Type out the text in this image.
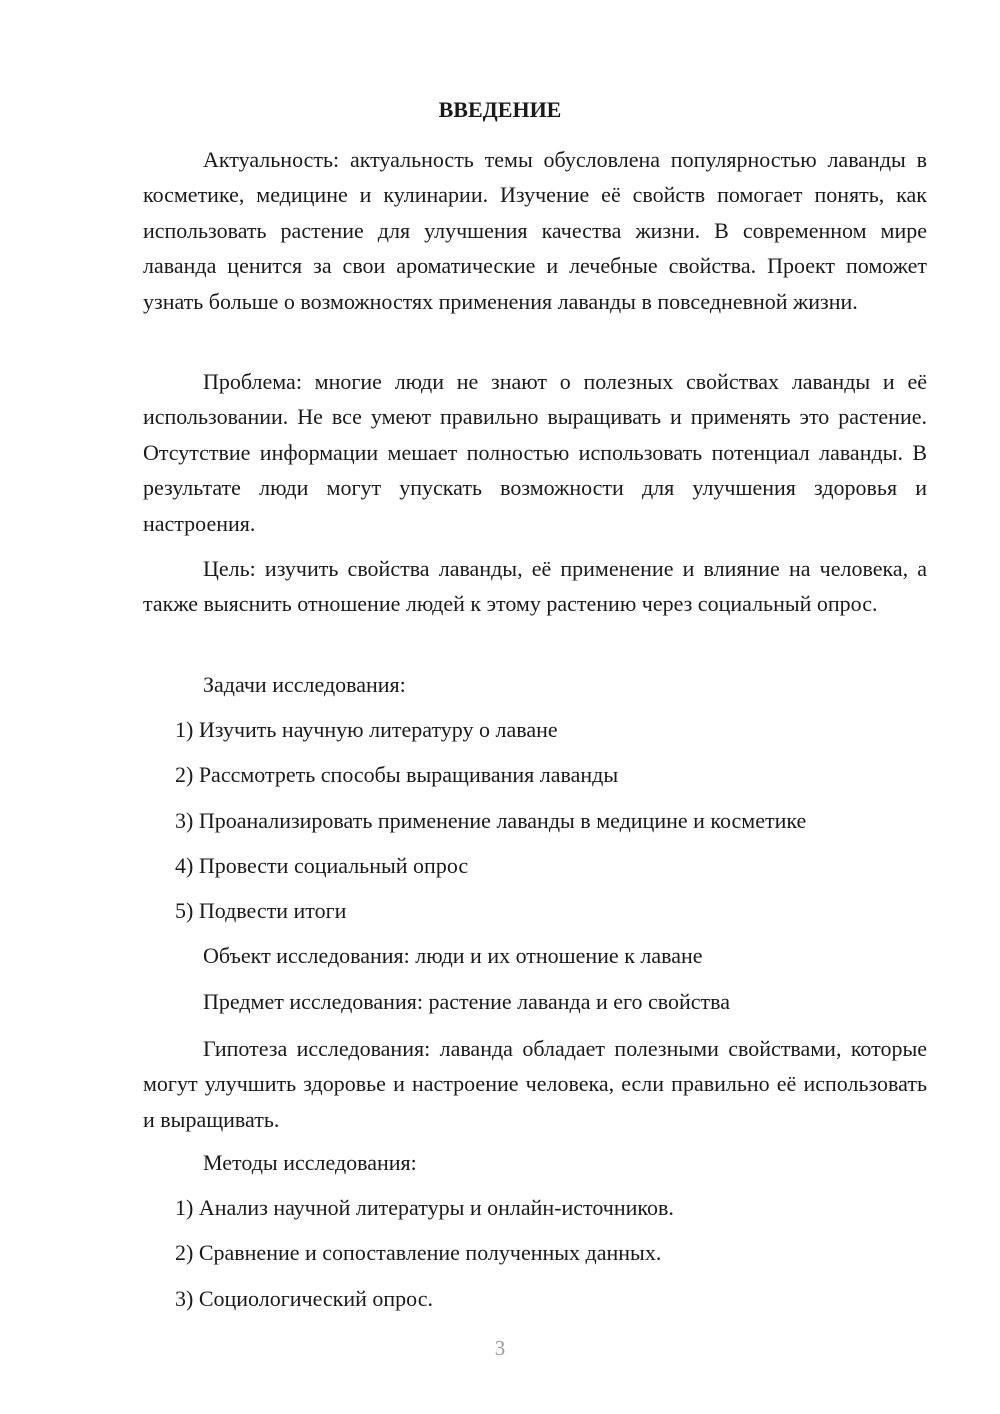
ВВЕДЕНИЕ

Актуальность: актуальность темы обусловлена популярностью лаванды в косметике, медицине и кулинарии. Изучение её свойств помогает понять, как использовать растение для улучшения качества жизни. В современном мире лаванда ценится за свои ароматические и лечебные свойства. Проект поможет узнать больше о возможностях применения лаванды в повседневной жизни.

Проблема: многие люди не знают о полезных свойствах лаванды и её использовании. Не все умеют правильно выращивать и применять это растение. Отсутствие информации мешает полностью использовать потенциал лаванды. В результате люди могут упускать возможности для улучшения здоровья и настроения.

Цель: изучить свойства лаванды, её применение и влияние на человека, а также выяснить отношение людей к этому растению через социальный опрос.

Задачи исследования:

1) Изучить научную литературу о лаване

2) Рассмотреть способы выращивания лаванды

3) Проанализировать применение лаванды в медицине и косметике

4) Провести социальный опрос

5) Подвести итоги

Объект исследования: люди и их отношение к лаване

Предмет исследования: растение лаванда и его свойства

Гипотеза исследования: лаванда обладает полезными свойствами, которые могут улучшить здоровье и настроение человека, если правильно её использовать и выращивать.

Методы исследования:

1) Анализ научной литературы и онлайн-источников.

2) Сравнение и сопоставление полученных данных.

3) Социологический опрос.

3
